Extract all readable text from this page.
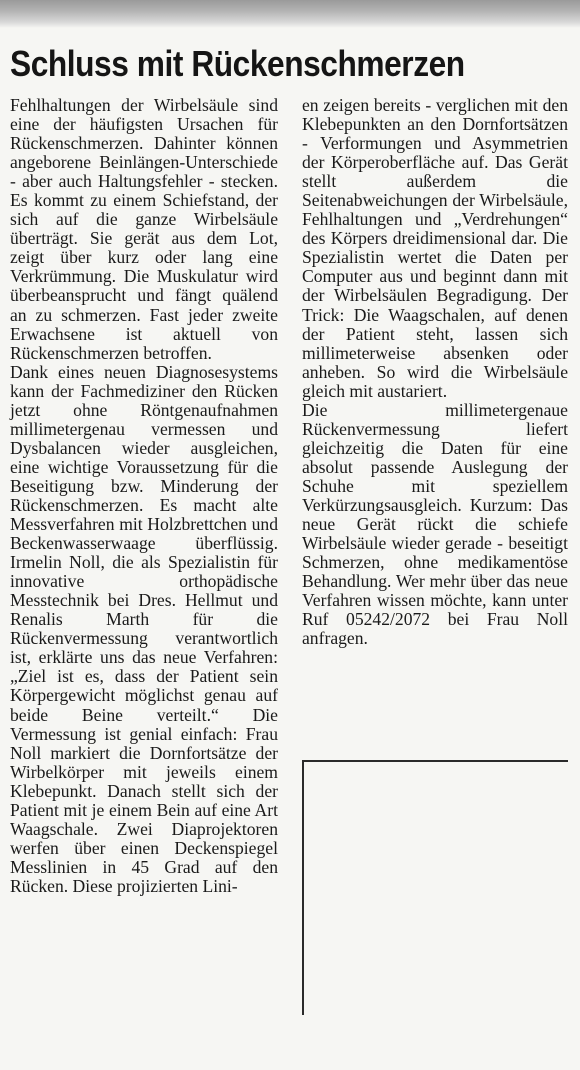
Schluss mit Rückenschmerzen

Fehlhaltungen der Wirbelsäule sind eine der häufigsten Ursachen für Rückenschmerzen. Dahinter können angeborene Beinlängen-Unterschiede - aber auch Haltungsfehler - stecken. Es kommt zu einem Schiefstand, der sich auf die ganze Wirbelsäule überträgt. Sie gerät aus dem Lot, zeigt über kurz oder lang eine Verkrümmung. Die Muskulatur wird überbeansprucht und fängt quälend an zu schmerzen. Fast jeder zweite Erwachsene ist aktuell von Rückenschmerzen betroffen.

Dank eines neuen Diagnosesystems kann der Fachmediziner den Rücken jetzt ohne Röntgenaufnahmen millimetergenau vermessen und Dysbalancen wieder ausgleichen, eine wichtige Voraussetzung für die Beseitigung bzw. Minderung der Rückenschmerzen. Es macht alte Messverfahren mit Holzbrettchen und Beckenwasserwaage überflüssig. Irmelin Noll, die als Spezialistin für innovative orthopädische Messtechnik bei Dres. Hellmut und Renalis Marth für die Rückenvermessung verantwortlich ist, erklärte uns das neue Verfahren: „Ziel ist es, dass der Patient sein Körpergewicht möglichst genau auf beide Beine verteilt.“ Die Vermessung ist genial einfach: Frau Noll markiert die Dornfortsätze der Wirbelkörper mit jeweils einem Klebepunkt. Danach stellt sich der Patient mit je einem Bein auf eine Art Waagschale. Zwei Diaprojektoren werfen über einen Deckenspiegel Messlinien in 45 Grad auf den Rücken. Diese projizierten Lini-

en zeigen bereits - verglichen mit den Klebepunkten an den Dornfortsätzen - Verformungen und Asymmetrien der Körperoberfläche auf. Das Gerät stellt außerdem die Seitenabweichungen der Wirbelsäule, Fehlhaltungen und „Verdrehungen“ des Körpers dreidimensional dar. Die Spezialistin wertet die Daten per Computer aus und beginnt dann mit der Wirbelsäulen Begradigung. Der Trick: Die Waagschalen, auf denen der Patient steht, lassen sich millimeterweise absenken oder anheben. So wird die Wirbelsäule gleich mit austariert.

Die millimetergenaue Rückenvermessung liefert gleichzeitig die Daten für eine absolut passende Auslegung der Schuhe mit speziellem Verkürzungsausgleich. Kurzum: Das neue Gerät rückt die schiefe Wirbelsäule wieder gerade - beseitigt Schmerzen, ohne medikamentöse Behandlung. Wer mehr über das neue Verfahren wissen möchte, kann unter Ruf 05242/2072 bei Frau Noll anfragen.
